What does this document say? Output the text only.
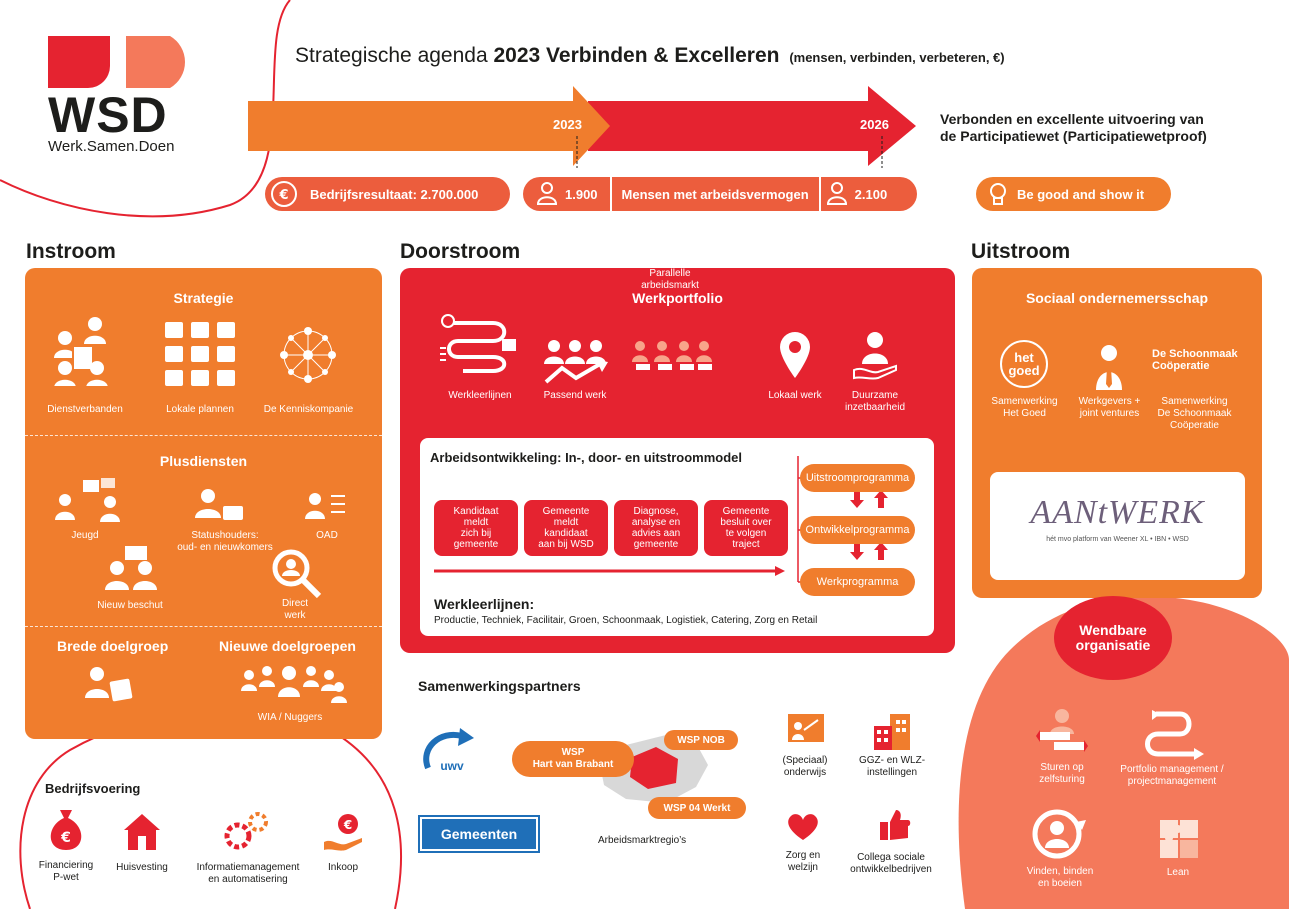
WSD
Werk.Samen.Doen
Strategische agenda 2023 Verbinden & Excelleren (mensen, verbinden, verbeteren, €)
2023	2026	Verbonden en excellente uitvoering van
de Participatiewet (Participatiewetproof)
€ Bedrijfsresultaat: 2.700.000	1.900 Mensen met arbeidsvermogen	2.100	Be good and show it
Instroom	Doorstroom	Uitstroom
Strategie
Dienstverbanden	Lokale plannen	De Kenniskompanie
Plusdiensten
Jeugd	Statushouders:
oud- en nieuwkomers
OAD
Nieuw beschut	Direct
werk
Brede doelgroep	Nieuwe doelgroepen
WIA / Nuggers
Werkportfolio
Werkleerlijnen	Passend werk
Parallelle
arbeidsmarkt
Lokaal werk	Duurzame
inzetbaarheid
Arbeidsontwikkeling: In-, door- en uitstroommodel
Kandidaat
meldt
zich bij
gemeente
Gemeente
meldt
kandidaat
aan bij WSD
Diagnose,
analyse en
advies aan
gemeente
Gemeente
besluit over
te volgen
traject
Uitstroomprogramma
Ontwikkelprogramma
Werkprogramma
Werkleerlijnen:
Productie, Techniek, Facilitair, Groen, Schoonmaak, Logistiek, Catering, Zorg en Retail
Sociaal ondernemersschap
het goed
De Schoonmaak
Coöperatie
Samenwerking
Het Goed
Werkgevers +
joint ventures
Samenwerking
De Schoonmaak
Coöperatie
AANtWERK
hét mvo platform van Weener XL • IBN • WSD
Samenwerkingspartners
uwv
Gemeenten
WSP
Hart van Brabant
WSP NOB
WSP 04 Werkt
Arbeidsmarktregio’s
(Speciaal)
onderwijs
GGZ- en WLZ-
instellingen
Zorg en
welzijn
Collega sociale
ontwikkelbedrijven
Bedrijfsvoering
€
Financiering
P-wet
Huisvesting	Informatiemanagement
en automatisering
€
Inkoop
Wendbare
organisatie
Sturen op
zelfsturing
Portfolio management /
projectmanagement
Vinden, binden
en boeien
Lean
